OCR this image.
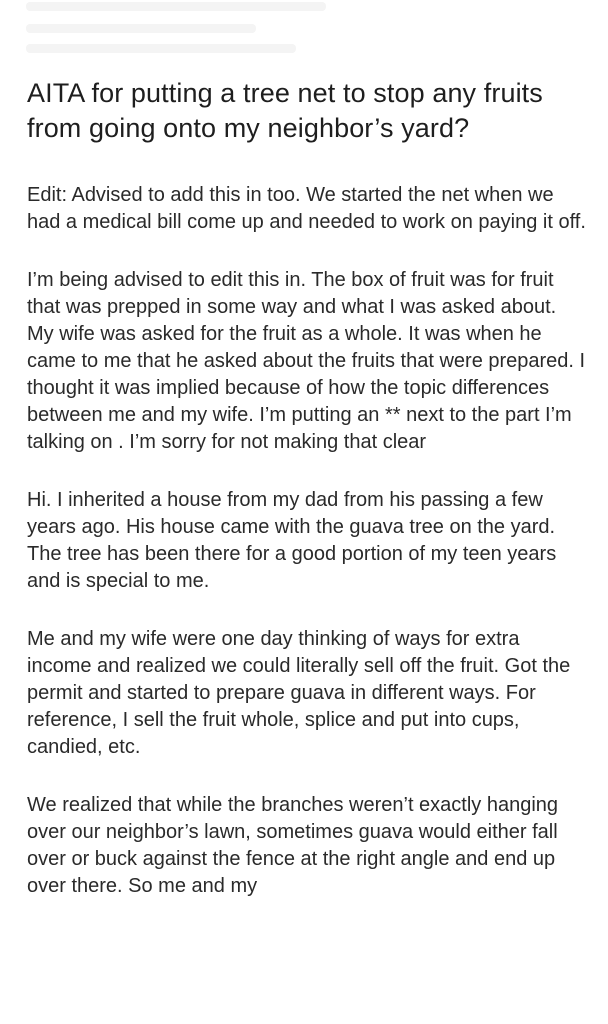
AITA for putting a tree net to stop any fruits from going onto my neighbor’s yard?

Edit: Advised to add this in too. We started the net when we had a medical bill come up and needed to work on paying it off.

I’m being advised to edit this in. The box of fruit was for fruit that was prepped in some way and what I was asked about. My wife was asked for the fruit as a whole. It was when he came to me that he asked about the fruits that were prepared. I thought it was implied because of how the topic differences between me and my wife. I’m putting an ** next to the part I’m talking on . I’m sorry for not making that clear

Hi. I inherited a house from my dad from his passing a few years ago. His house came with the guava tree on the yard. The tree has been there for a good portion of my teen years and is special to me.

Me and my wife were one day thinking of ways for extra income and realized we could literally sell off the fruit. Got the permit and started to prepare guava in different ways. For reference, I sell the fruit whole, splice and put into cups, candied, etc.

We realized that while the branches weren’t exactly hanging over our neighbor’s lawn, sometimes guava would either fall over or buck against the fence at the right angle and end up over there. So me and my
